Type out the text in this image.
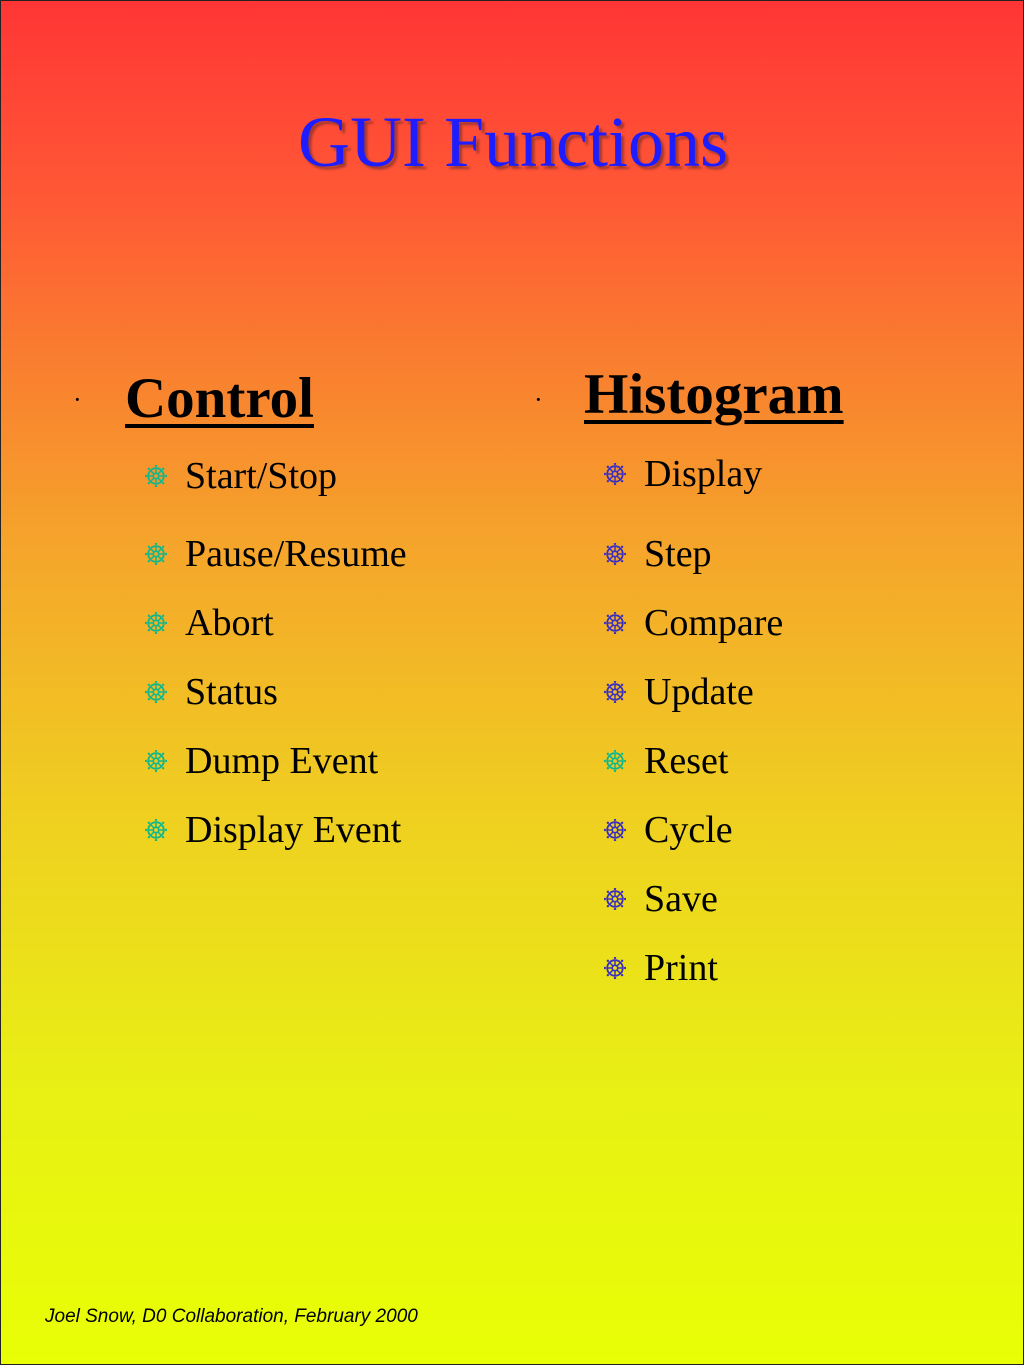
GUI Functions
· Control
Start/Stop
Pause/Resume
Abort
Status
Dump Event
Display Event
· Histogram
Display
Step
Compare
Update
Reset
Cycle
Save
Print
Joel Snow, D0 Collaboration, February 2000
